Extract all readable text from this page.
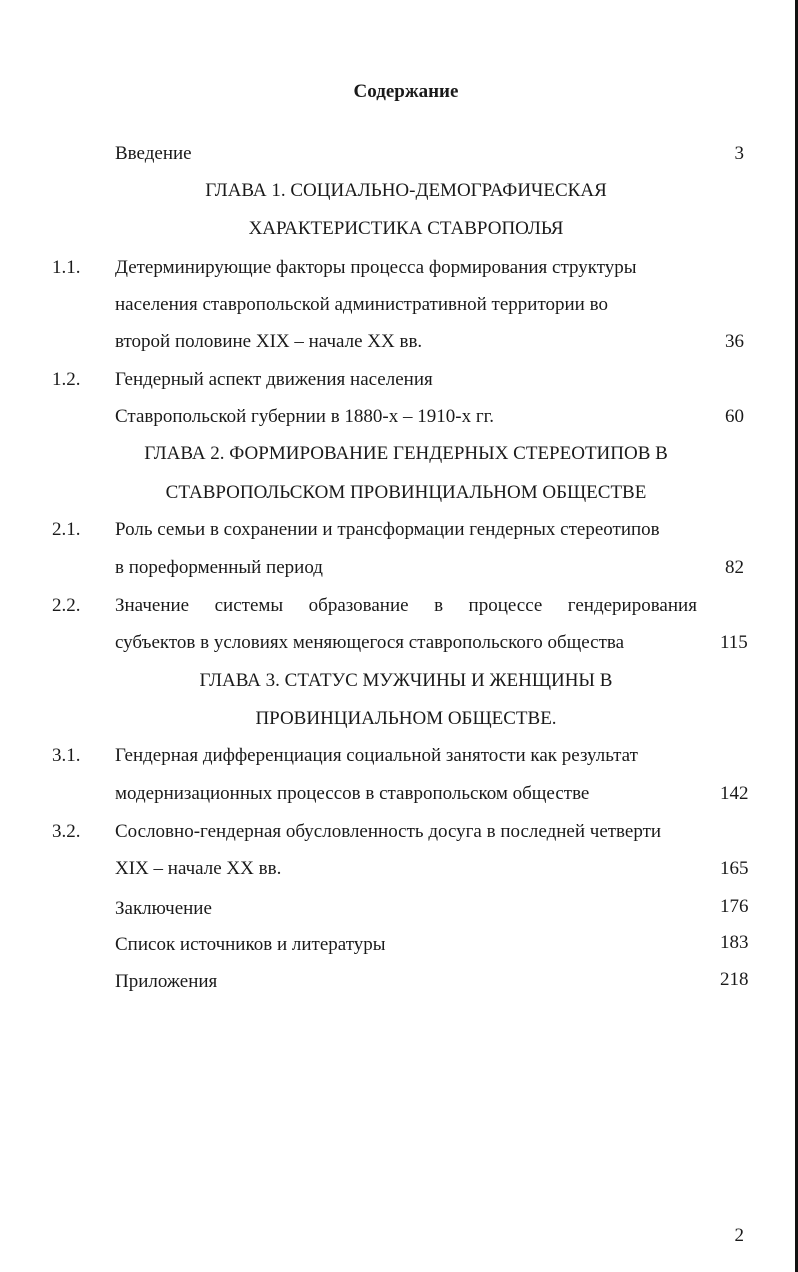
Содержание
Введение	3
ГЛАВА 1. СОЦИАЛЬНО-ДЕМОГРАФИЧЕСКАЯ
ХАРАКТЕРИСТИКА СТАВРОПОЛЬЯ
1.1. Детерминирующие факторы процесса формирования структуры
населения ставропольской административной территории во
второй половине XIX – начале XX вв.	36
1.2. Гендерный аспект движения населения
Ставропольской губернии в 1880-х – 1910-х гг.	60
ГЛАВА 2. ФОРМИРОВАНИЕ ГЕНДЕРНЫХ СТЕРЕОТИПОВ В
СТАВРОПОЛЬСКОМ ПРОВИНЦИАЛЬНОМ ОБЩЕСТВЕ
2.1. Роль семьи в сохранении и трансформации гендерных стереотипов
в пореформенный период	82
2.2. Значение системы образование в процессе гендерирования
субъектов в условиях меняющегося ставропольского общества	115
ГЛАВА 3. СТАТУС МУЖЧИНЫ И ЖЕНЩИНЫ В
ПРОВИНЦИАЛЬНОМ ОБЩЕСТВЕ.
3.1. Гендерная дифференциация социальной занятости как результат
модернизационных процессов в ставропольском обществе	142
3.2. Сословно-гендерная обусловленность досуга в последней четверти
XIX – начале XX вв.	165
Заключение	176
Список источников и литературы	183
Приложения	218
2
